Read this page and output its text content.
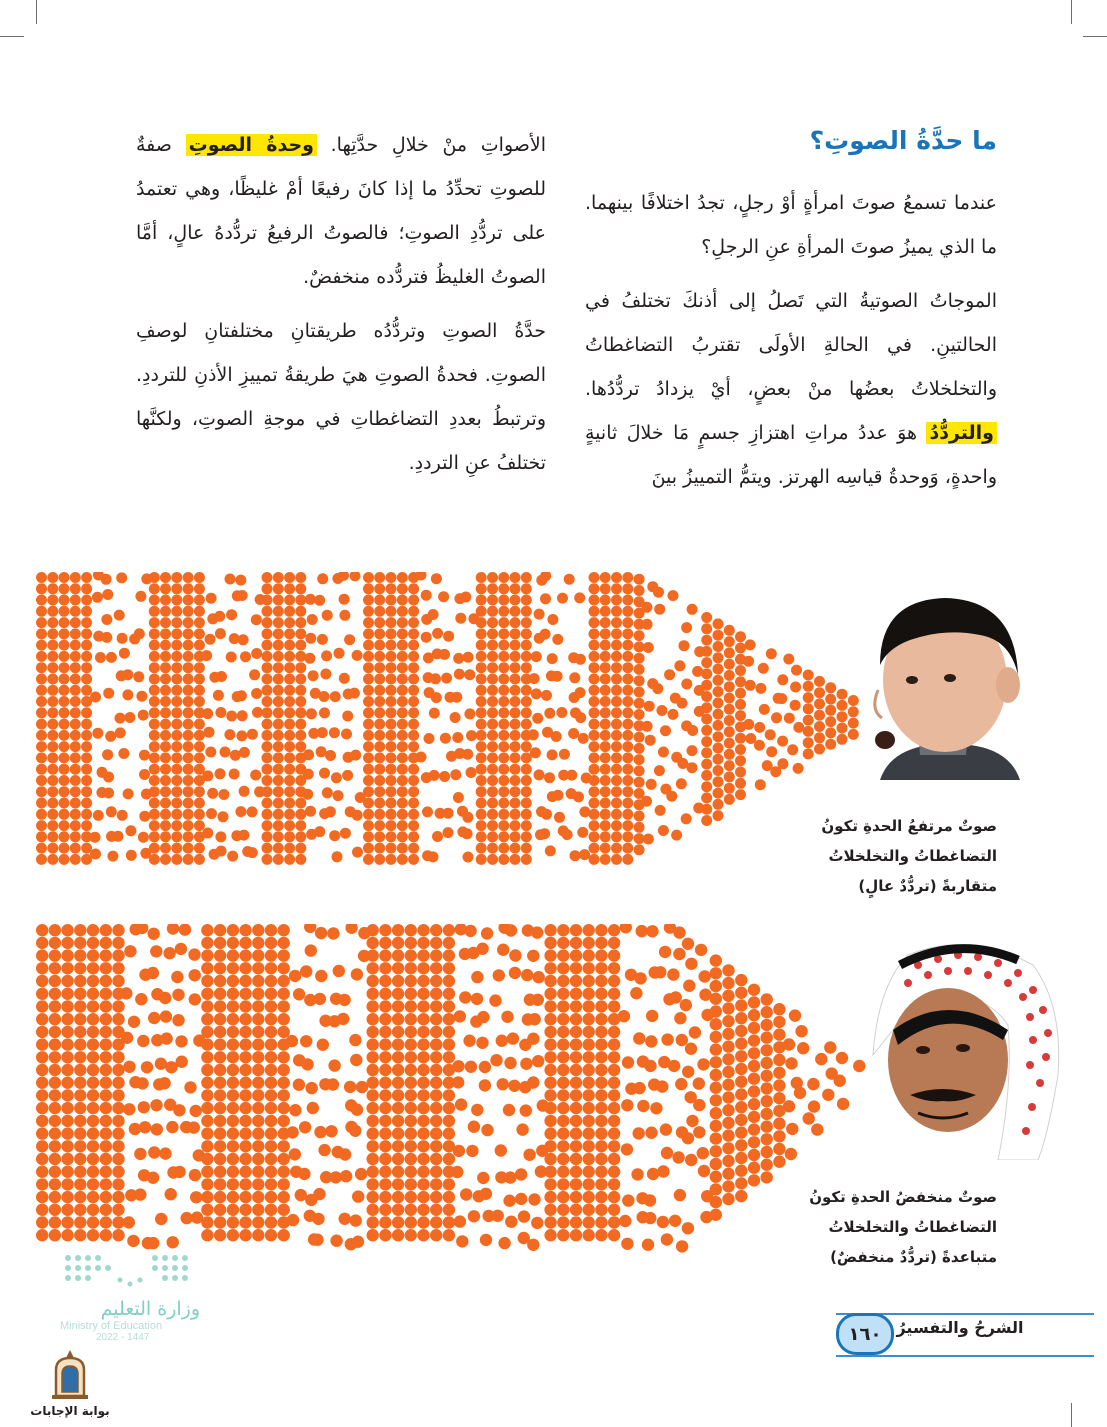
ما حدَّةُ الصوتِ؟

عندما تسمعُ صوتَ امرأةٍ أوْ رجلٍ، تجدُ اختلافًا بينهما. ما الذي يميزُ صوتَ المرأةِ عنِ الرجلِ؟

الموجاتُ الصوتيةُ التي تَصلُ إلى أذنكَ تختلفُ في الحالتينِ. في الحالةِ الأولَى تقتربُ التضاغطاتُ والتخلخلاتُ بعضُها منْ بعضٍ، أيْ يزدادُ تردُّدُها. والتردُّدُ هوَ عددُ مراتِ اهتزازِ جسمٍ مَا خلالَ ثانيةٍ واحدةٍ، وَوحدةُ قياسِه الهرتز. ويتمُّ التمييزُ بينَ

الأصواتِ منْ خلالِ حدَّتِها. وحدةُ الصوتِ صفةٌ للصوتِ تحدِّدُ ما إذا كانَ رفيعًا أمْ غليظًا، وهي تعتمدُ على تردُّدِ الصوتِ؛ فالصوتُ الرفيعُ تردُّدهُ عالٍ، أمَّا الصوتُ الغليظُ فتردُّده منخفضٌ.

حدَّةُ الصوتِ وتردُّدُه طريقتانِ مختلفتانِ لوصفِ الصوتِ. فحدةُ الصوتِ هيَ طريقةُ تمييزِ الأذنِ للترددِ. وترتبطُ بعددِ التضاغطاتِ في موجةِ الصوتِ، ولكنَّها تختلفُ عنِ الترددِ.

صوتٌ مرتفعُ الحدةِ تكونُ
التضاغطاتُ والتخلخلاتُ
متقاربةً (تردُّدٌ عالٍ)
صوتٌ منخفضُ الحدةِ تكونُ
التضاغطاتُ والتخلخلاتُ
متباعدةً (تردُّدٌ منخفضٌ)
١٦٠ الشرحُ والتفسيرُ
وزارة التعليم
Ministry of Education
2022 - 1447
بوابة الإجابات
